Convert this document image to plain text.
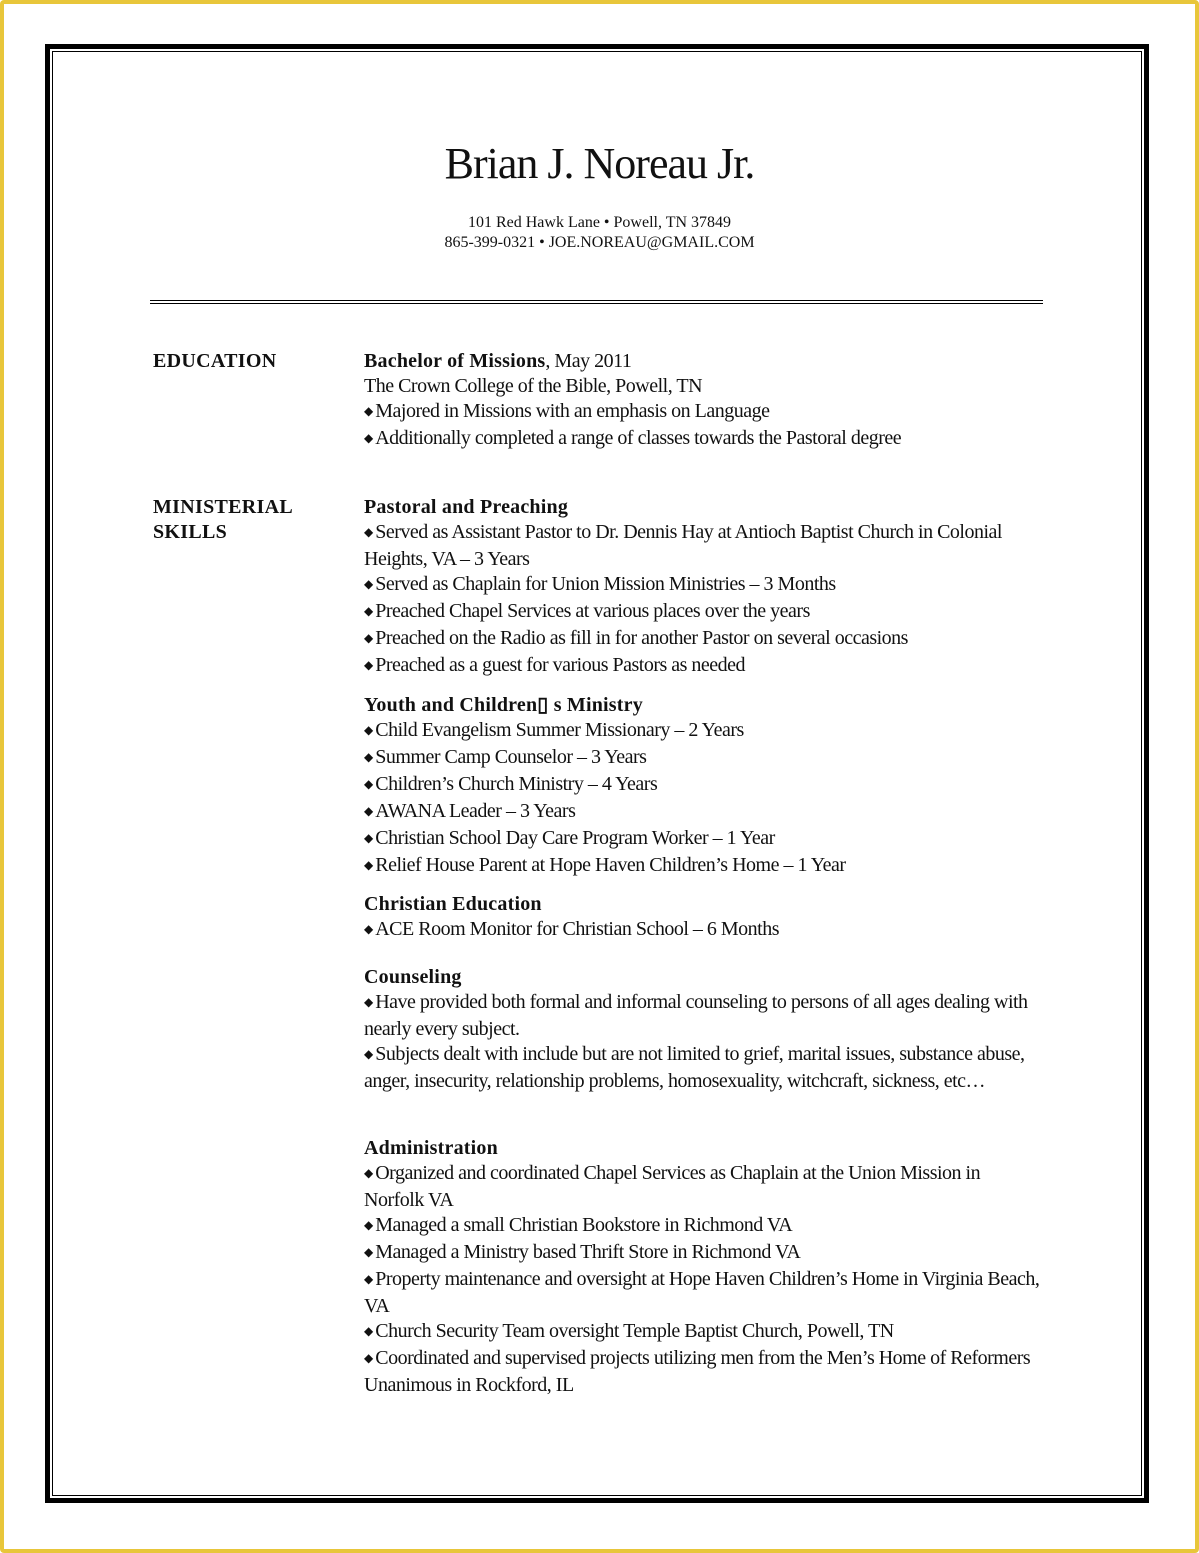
Brian J. Noreau Jr.
101 Red Hawk Lane • Powell, TN 37849
865-399-0321 • JOE.NOREAU@GMAIL.COM
EDUCATION	Bachelor of Missions, May 2011

The Crown College of the Bible, Powell, TN

◆ Majored in Missions with an emphasis on Language

◆ Additionally completed a range of classes towards the Pastoral degree

MINISTERIAL
SKILLS

Pastoral and Preaching

◆ Served as Assistant Pastor to Dr. Dennis Hay at Antioch Baptist Church in Colonial Heights, VA – 3 Years

◆ Served as Chaplain for Union Mission Ministries – 3 Months

◆ Preached Chapel Services at various places over the years

◆ Preached on the Radio as fill in for another Pastor on several occasions

◆ Preached as a guest for various Pastors as needed

Youth and Children▯ s Ministry

◆ Child Evangelism Summer Missionary – 2 Years

◆ Summer Camp Counselor – 3 Years

◆ Children’s Church Ministry – 4 Years

◆ AWANA Leader – 3 Years

◆ Christian School Day Care Program Worker – 1 Year

◆ Relief House Parent at Hope Haven Children’s Home – 1 Year

Christian Education

◆ ACE Room Monitor for Christian School – 6 Months

Counseling

◆ Have provided both formal and informal counseling to persons of all ages dealing with nearly every subject.

◆ Subjects dealt with include but are not limited to grief, marital issues, substance abuse, anger, insecurity, relationship problems, homosexuality, witchcraft, sickness, etc…

Administration

◆ Organized and coordinated Chapel Services as Chaplain at the Union Mission in Norfolk VA

◆ Managed a small Christian Bookstore in Richmond VA

◆ Managed a Ministry based Thrift Store in Richmond VA

◆ Property maintenance and oversight at Hope Haven Children’s Home in Virginia Beach, VA

◆ Church Security Team oversight Temple Baptist Church, Powell, TN

◆ Coordinated and supervised projects utilizing men from the Men’s Home of Reformers Unanimous in Rockford, IL
